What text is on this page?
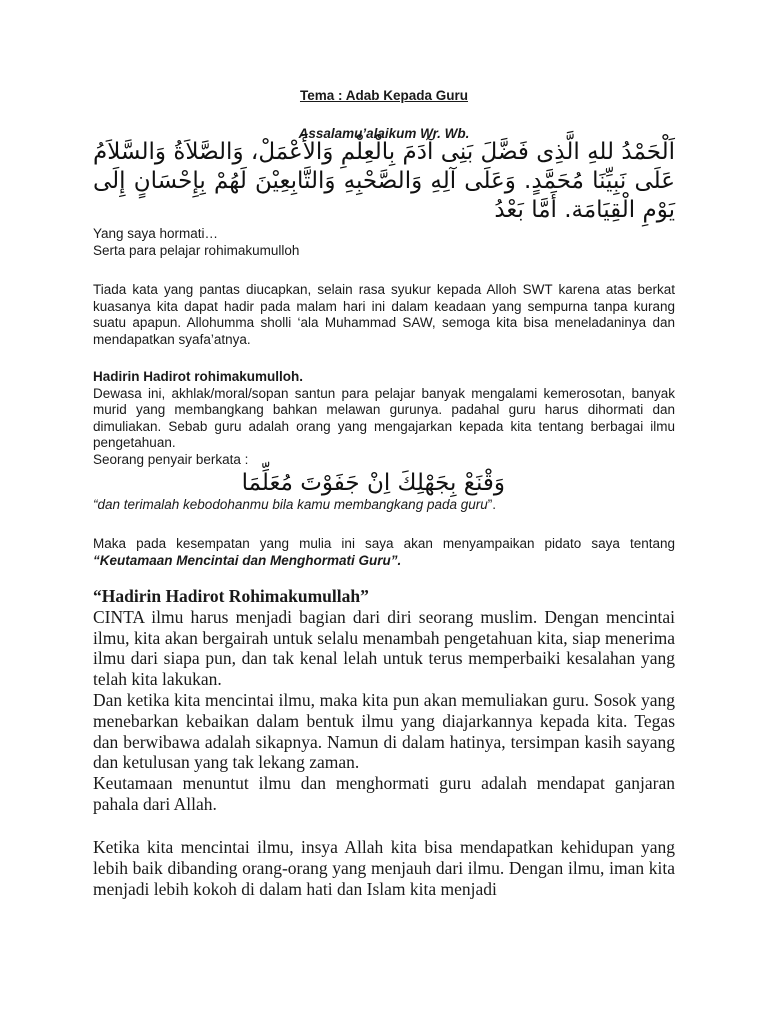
Tema : Adab Kepada Guru
Assalamu’alaikum Wr. Wb.
اَلْحَمْدُ للهِ الَّذِى فَضَّلَ بَنِى آدَمَ بِالْعِلْمِ وَالأَعْمَلْ، وَالصَّلاَةُ وَالسَّلاَمُ عَلَى نَبِيِّنَا مُحَمَّدٍ. وَعَلَى آلِهِ وَالصَّحْبِهِ وَالتَّابِعِيْنَ لَهُمْ بِإِحْسَانٍ إِلَى يَوْمِ الْقِيَامَة. أَمَّا بَعْدُ
Yang saya hormati…
Serta para pelajar rohimakumulloh

Tiada kata yang pantas diucapkan, selain rasa syukur kepada Alloh SWT karena atas berkat kuasanya kita dapat hadir pada malam hari ini dalam keadaan yang sempurna tanpa kurang suatu apapun. Allohumma sholli ‘ala Muhammad SAW, semoga kita bisa meneladaninya dan mendapatkan syafa’atnya.

Hadirin Hadirot rohimakumulloh.
Dewasa ini, akhlak/moral/sopan santun para pelajar banyak mengalami kemerosotan, banyak murid yang membangkang bahkan melawan gurunya. padahal guru harus dihormati dan dimuliakan. Sebab guru adalah orang yang mengajarkan kepada kita tentang berbagai ilmu pengetahuan.
Seorang penyair berkata :
وَقْنَعْ بِجَهْلِكَ اِنْ جَفَوْتَ مُعَلِّمَا
“dan terimalah kebodohanmu bila kamu membangkang pada guru”.

Maka pada kesempatan yang mulia ini saya akan menyampaikan pidato saya tentang “Keutamaan Mencintai dan Menghormati Guru”.

“Hadirin Hadirot Rohimakumullah”
CINTA ilmu harus menjadi bagian dari diri seorang muslim. Dengan mencintai ilmu, kita akan bergairah untuk selalu menambah pengetahuan kita, siap menerima ilmu dari siapa pun, dan tak kenal lelah untuk terus memperbaiki kesalahan yang telah kita lakukan.
Dan ketika kita mencintai ilmu, maka kita pun akan memuliakan guru. Sosok yang menebarkan kebaikan dalam bentuk ilmu yang diajarkannya kepada kita. Tegas dan berwibawa adalah sikapnya. Namun di dalam hatinya, tersimpan kasih sayang dan ketulusan yang tak lekang zaman.
Keutamaan menuntut ilmu dan menghormati guru adalah mendapat ganjaran pahala dari Allah.

Ketika kita mencintai ilmu, insya Allah kita bisa mendapatkan kehidupan yang lebih baik dibanding orang-orang yang menjauh dari ilmu. Dengan ilmu, iman kita menjadi lebih kokoh di dalam hati dan Islam kita menjadi
